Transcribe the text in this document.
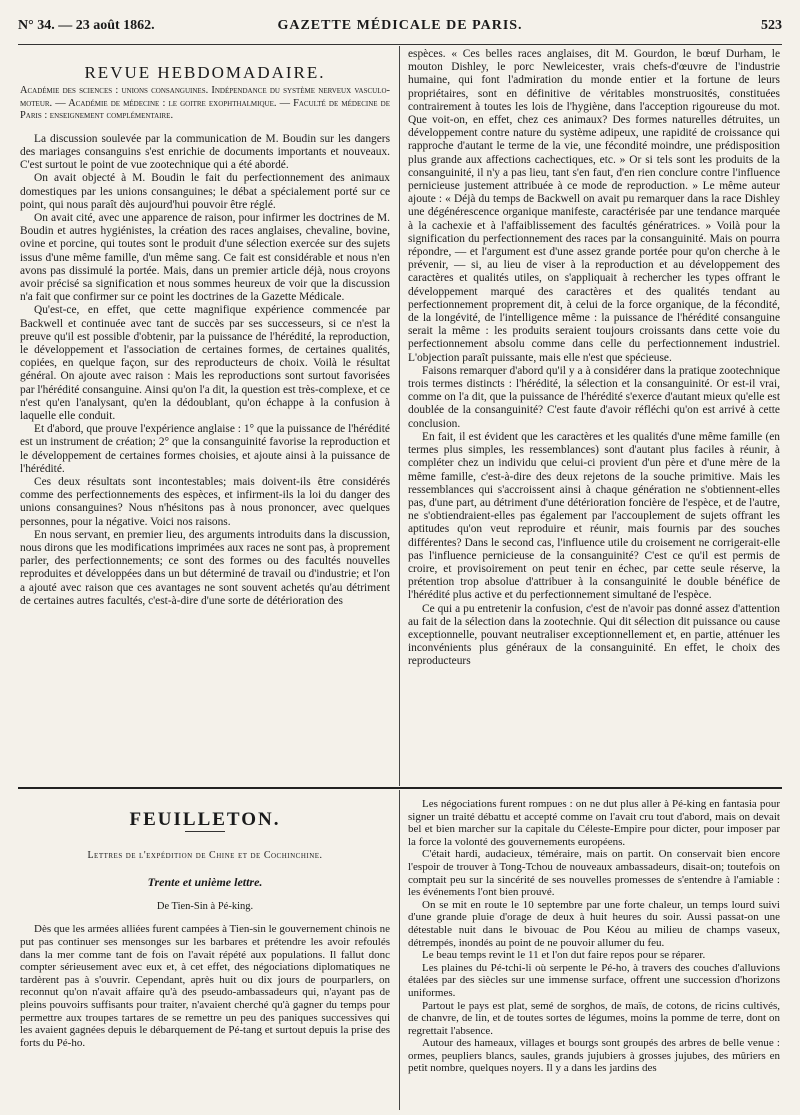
N° 34. — 23 août 1862.	GAZETTE MÉDICALE DE PARIS.	523
REVUE HEBDOMADAIRE.
Académie des sciences : unions consanguines. Indépendance du système nerveux vasculo-moteur. — Académie de médecine : le goitre exophthalmique. — Faculté de médecine de Paris : enseignement complémentaire.

La discussion soulevée par la communication de M. Boudin sur les dangers des mariages consanguins s'est enrichie de documents importants et nouveaux. C'est surtout le point de vue zootechnique qui a été abordé.

On avait objecté à M. Boudin le fait du perfectionnement des animaux domestiques par les unions consanguines; le débat a spécialement porté sur ce point, qui nous paraît dès aujourd'hui pouvoir être réglé.

On avait cité, avec une apparence de raison, pour infirmer les doctrines de M. Boudin et autres hygiénistes, la création des races anglaises, chevaline, bovine, ovine et porcine, qui toutes sont le produit d'une sélection exercée sur des sujets issus d'une même famille, d'un même sang. Ce fait est considérable et nous n'en avons pas dissimulé la portée. Mais, dans un premier article déjà, nous croyons avoir précisé sa signification et nous sommes heureux de voir que la discussion n'a fait que confirmer sur ce point les doctrines de la Gazette Médicale.

Qu'est-ce, en effet, que cette magnifique expérience commencée par Backwell et continuée avec tant de succès par ses successeurs, si ce n'est la preuve qu'il est possible d'obtenir, par la puissance de l'hérédité, la reproduction, le développement et l'association de certaines formes, de certaines qualités, copiées, en quelque façon, sur des reproducteurs de choix. Voilà le résultat général. On ajoute avec raison : Mais les reproductions sont surtout favorisées par l'hérédité consanguine. Ainsi qu'on l'a dit, la question est très-complexe, et ce n'est qu'en l'analysant, qu'en la dédoublant, qu'on échappe à la confusion à laquelle elle conduit.

Et d'abord, que prouve l'expérience anglaise : 1° que la puissance de l'hérédité est un instrument de création; 2° que la consanguinité favorise la reproduction et le développement de certaines formes choisies, et ajoute ainsi à la puissance de l'hérédité.

Ces deux résultats sont incontestables; mais doivent-ils être considérés comme des perfectionnements des espèces, et infirment-ils la loi du danger des unions consanguines? Nous n'hésitons pas à nous prononcer, avec quelques personnes, pour la négative. Voici nos raisons.

En nous servant, en premier lieu, des arguments introduits dans la discussion, nous dirons que les modifications imprimées aux races ne sont pas, à proprement parler, des perfectionnements; ce sont des formes ou des facultés nouvelles reproduites et développées dans un but déterminé de travail ou d'industrie; et l'on a ajouté avec raison que ces avantages ne sont souvent achetés qu'au détriment de certaines autres facultés, c'est-à-dire d'une sorte de détérioration des

espèces. « Ces belles races anglaises, dit M. Gourdon, le bœuf Durham, le mouton Dishley, le porc Newleicester, vrais chefs-d'œuvre de l'industrie humaine, qui font l'admiration du monde entier et la fortune de leurs propriétaires, sont en définitive de véritables monstruosités, constituées contrairement à toutes les lois de l'hygiène, dans l'acception rigoureuse du mot. Que voit-on, en effet, chez ces animaux? Des formes naturelles détruites, un développement contre nature du système adipeux, une rapidité de croissance qui rapproche d'autant le terme de la vie, une fécondité moindre, une prédisposition plus grande aux affections cachectiques, etc. » Or si tels sont les produits de la consanguinité, il n'y a pas lieu, tant s'en faut, d'en rien conclure contre l'influence pernicieuse justement attribuée à ce mode de reproduction. » Le même auteur ajoute : « Déjà du temps de Backwell on avait pu remarquer dans la race Dishley une dégénérescence organique manifeste, caractérisée par une tendance marquée à la cachexie et à l'affaiblissement des facultés génératrices. » Voilà pour la signification du perfectionnement des races par la consanguinité. Mais on pourra répondre, — et l'argument est d'une assez grande portée pour qu'on cherche à le prévenir, — si, au lieu de viser à la reproduction et au développement des caractères et qualités utiles, on s'appliquait à rechercher les types offrant le développement marqué des caractères et des qualités tendant au perfectionnement proprement dit, à celui de la force organique, de la fécondité, de la longévité, de l'intelligence même : la puissance de l'hérédité consanguine serait la même : les produits seraient toujours croissants dans cette voie du perfectionnement absolu comme dans celle du perfectionnement industriel. L'objection paraît puissante, mais elle n'est que spécieuse.

Faisons remarquer d'abord qu'il y a à considérer dans la pratique zootechnique trois termes distincts : l'hérédité, la sélection et la consanguinité. Or est-il vrai, comme on l'a dit, que la puissance de l'hérédité s'exerce d'autant mieux qu'elle est doublée de la consanguinité? C'est faute d'avoir réfléchi qu'on est arrivé à cette conclusion.

En fait, il est évident que les caractères et les qualités d'une même famille (en termes plus simples, les ressemblances) sont d'autant plus faciles à réunir, à compléter chez un individu que celui-ci provient d'un père et d'une mère de la même famille, c'est-à-dire des deux rejetons de la souche primitive. Mais les ressemblances qui s'accroissent ainsi à chaque génération ne s'obtiennent-elles pas, d'une part, au détriment d'une détérioration foncière de l'espèce, et de l'autre, ne s'obtiendraient-elles pas également par l'accouplement de sujets offrant les aptitudes qu'on veut reproduire et réunir, mais fournis par des souches différentes? Dans le second cas, l'influence utile du croisement ne corrigerait-elle pas l'influence pernicieuse de la consanguinité? C'est ce qu'il est permis de croire, et provisoirement on peut tenir en échec, par cette seule réserve, la prétention trop absolue d'attribuer à la consanguinité le double bénéfice de l'hérédité plus active et du perfectionnement simultané de l'espèce.

Ce qui a pu entretenir la confusion, c'est de n'avoir pas donné assez d'attention au fait de la sélection dans la zootechnie. Qui dit sélection dit puissance ou cause exceptionnelle, pouvant neutraliser exceptionnellement et, en partie, atténuer les inconvénients plus généraux de la consanguinité. En effet, le choix des reproducteurs

FEUILLETON.
Lettres de l'expédition de Chine et de Cochinchine.
Trente et unième lettre.
De Tien-Sin à Pé-king.

Dès que les armées alliées furent campées à Tien-sin le gouvernement chinois ne put pas continuer ses mensonges sur les barbares et prétendre les avoir refoulés dans la mer comme tant de fois on l'avait répété aux populations. Il fallut donc compter sérieusement avec eux et, à cet effet, des négociations diplomatiques ne tardèrent pas à s'ouvrir. Cependant, après huit ou dix jours de pourparlers, on reconnut qu'on n'avait affaire qu'à des pseudo-ambassadeurs qui, n'ayant pas de pleins pouvoirs suffisants pour traiter, n'avaient cherché qu'à gagner du temps pour permettre aux troupes tartares de se remettre un peu des paniques successives qui les avaient gagnées depuis le débarquement de Pé-tang et surtout depuis la prise des forts du Pé-ho.

Les négociations furent rompues : on ne dut plus aller à Pé-king en fantasia pour signer un traité débattu et accepté comme on l'avait cru tout d'abord, mais on devait bel et bien marcher sur la capitale du Céleste-Empire pour dicter, pour imposer par la force la volonté des gouvernements européens.

C'était hardi, audacieux, téméraire, mais on partit. On conservait bien encore l'espoir de trouver à Tong-Tchou de nouveaux ambassadeurs, disait-on; toutefois on comptait peu sur la sincérité de ses nouvelles promesses de s'entendre à l'amiable : les événements l'ont bien prouvé.

On se mit en route le 10 septembre par une forte chaleur, un temps lourd suivi d'une grande pluie d'orage de deux à huit heures du soir. Aussi passat-on une détestable nuit dans le bivouac de Pou Kéou au milieu de champs vaseux, détrempés, inondés au point de ne pouvoir allumer du feu.

Le beau temps revint le 11 et l'on dut faire repos pour se réparer.

Les plaines du Pé-tchi-li où serpente le Pé-ho, à travers des couches d'alluvions étalées par des siècles sur une immense surface, offrent une succession d'horizons uniformes.

Partout le pays est plat, semé de sorghos, de maïs, de cotons, de ricins cultivés, de chanvre, de lin, et de toutes sortes de légumes, moins la pomme de terre, dont on regrettait l'absence.

Autour des hameaux, villages et bourgs sont groupés des arbres de belle venue : ormes, peupliers blancs, saules, grands jujubiers à grosses jujubes, des mûriers en petit nombre, quelques noyers. Il y a dans les jardins des
